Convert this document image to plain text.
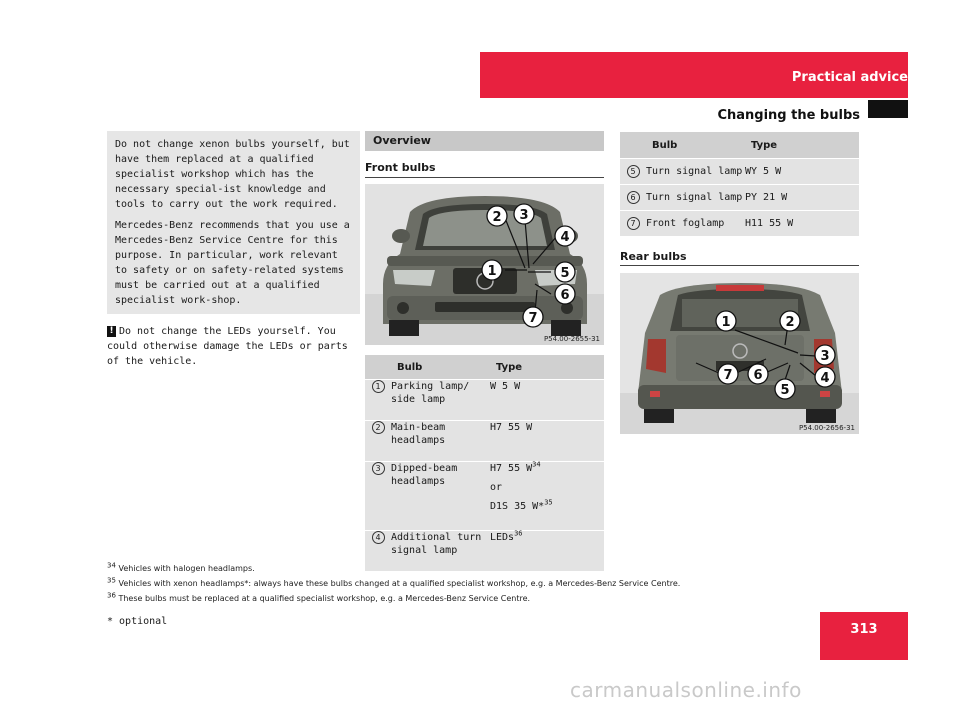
Practical advice
Changing the bulbs

Do not change xenon bulbs yourself, but have them replaced at a qualified specialist workshop which has the necessary special-ist knowledge and tools to carry out the work required.

Mercedes-Benz recommends that you use a Mercedes-Benz Service Centre for this purpose. In particular, work relevant to safety or on safety-related systems must be carried out at a qualified specialist work-shop.

! Do not change the LEDs yourself. You could otherwise damage the LEDs or parts of the vehicle.
Overview
Front bulbs
2 3
4
1	5
6
7
P54.00-2655-31
	Bulb	Type
1	Parking lamp/ side lamp	W 5 W
2	Main-beam headlamps	H7 55 W
3	Dipped-beam headlamps	H7 55 $W^{34}$

or

D1S 35 W*$^{35}$

4	Additional turn signal lamp	LEDs$^{36}$
	Bulb	Type
5	Turn signal lamp	WY 5 W
6	Turn signal lamp	PY 21 W
7	Front foglamp	H11 55 W
Rear bulbs
1	2
3
4
7 6
5
P54.00-2656-31
$^{34}$ Vehicles with halogen headlamps.
$^{35}$ Vehicles with xenon headlamps*: always have these bulbs changed at a qualified specialist workshop, e.g. a Mercedes-Benz Service Centre.
$^{36}$ These bulbs must be replaced at a qualified specialist workshop, e.g. a Mercedes-Benz Service Centre.
* optional
313
carmanualsonline.info
